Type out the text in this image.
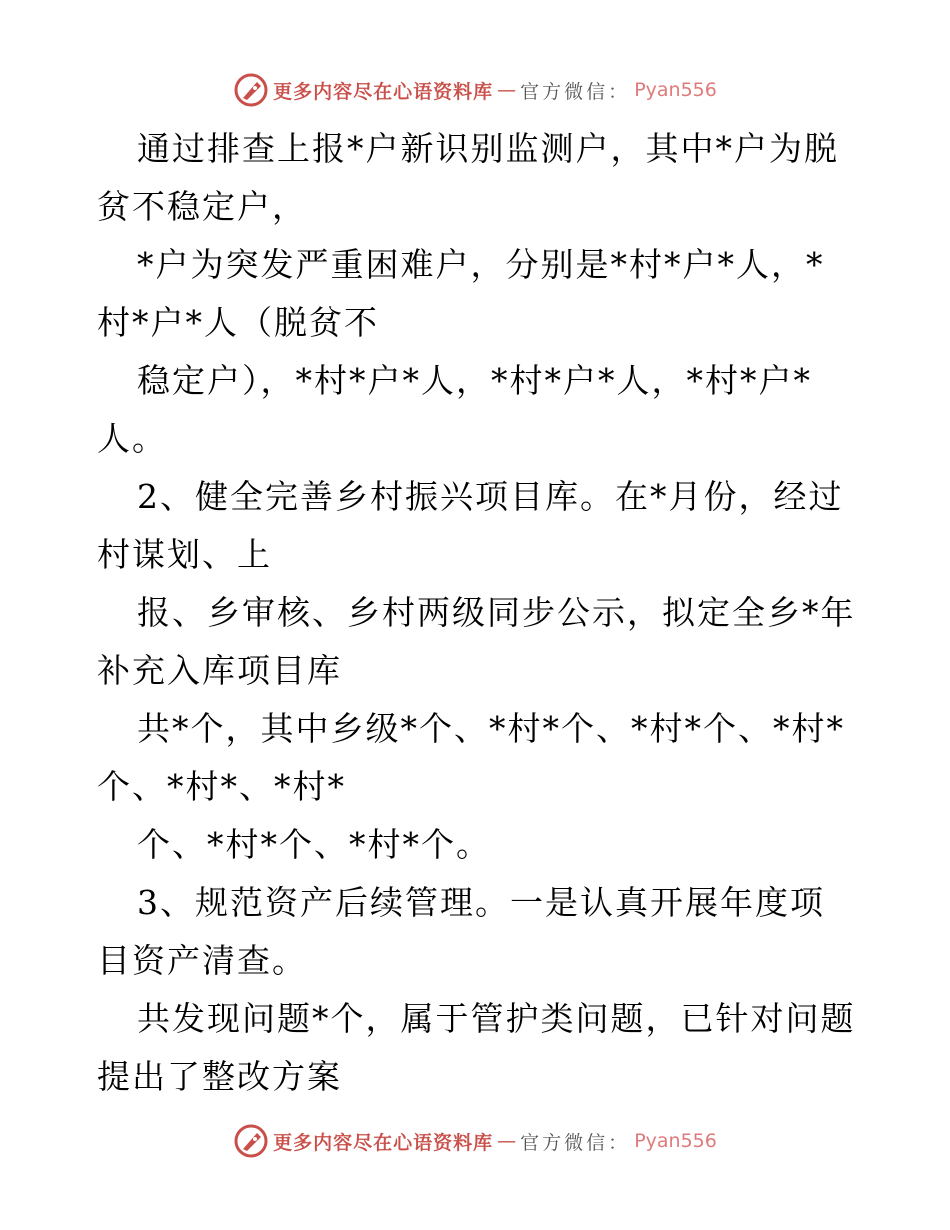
更多内容尽在心语资料库 — 官方微信： Pyan556

通过排查上报*户新识别监测户，其中*户为脱贫不稳定户，

*户为突发严重困难户，分别是*村*户*人，*村*户*人（脱贫不

稳定户），*村*户*人，*村*户*人，*村*户*人。

2、健全完善乡村振兴项目库。在*月份，经过村谋划、上

报、乡审核、乡村两级同步公示，拟定全乡*年补充入库项目库

共*个，其中乡级*个、*村*个、*村*个、*村*个、*村*、*村*

个、*村*个、*村*个。

3、规范资产后续管理。一是认真开展年度项目资产清查。

共发现问题*个，属于管护类问题，已针对问题提出了整改方案

更多内容尽在心语资料库 — 官方微信： Pyan556
